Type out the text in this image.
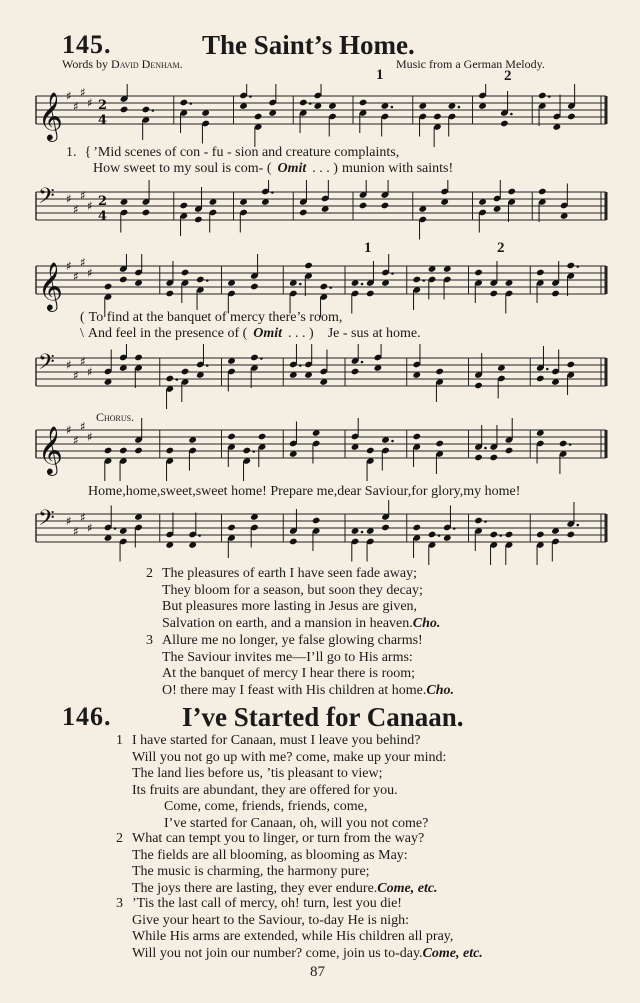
145.	The Saint’s Home.
Words by David Denham.	Music from a German Melody.
1	2
𝄞 ♯
♯
♯
♯ 2
4
1. { ’Mid scenes of con - fu - sion and creature complaints,
How sweet to my soul is com- ( Omit . . . ) munion with saints!
𝄢 ♯
♯
♯
♯ 2
4
1	2
𝄞 ♯
♯
♯
♯
( To find at the banquet of mercy there’s room,
\ And feel in the presence of ( Omit . . . ) Je - sus at home.
𝄢 ♯
♯
♯
♯
Chorus.
𝄞 ♯
♯
♯
♯
Home,home,sweet,sweet home! Prepare me,dear Saviour,for glory,my home!
𝄢 ♯
♯
♯
♯
2 The pleasures of earth I have seen fade away;
They bloom for a season, but soon they decay;
But pleasures more lasting in Jesus are given,
Salvation on earth, and a mansion in heaven.Cho.
3 Allure me no longer, ye false glowing charms!
The Saviour invites me—I’ll go to His arms:
At the banquet of mercy I hear there is room;
O! there may I feast with His children at home.Cho.
146.	I’ve Started for Canaan.
1 I have started for Canaan, must I leave you behind?
Will you not go up with me? come, make up your mind:
The land lies before us, ’tis pleasant to view;
Its fruits are abundant, they are offered for you.
Come, come, friends, friends, come,
I’ve started for Canaan, oh, will you not come?
2 What can tempt you to linger, or turn from the way?
The fields are all blooming, as blooming as May:
The music is charming, the harmony pure;
The joys there are lasting, they ever endure.Come, etc.
3 ’Tis the last call of mercy, oh! turn, lest you die!
Give your heart to the Saviour, to-day He is nigh:
While His arms are extended, while His children all pray,
Will you not join our number? come, join us to-day.Come, etc.
87
